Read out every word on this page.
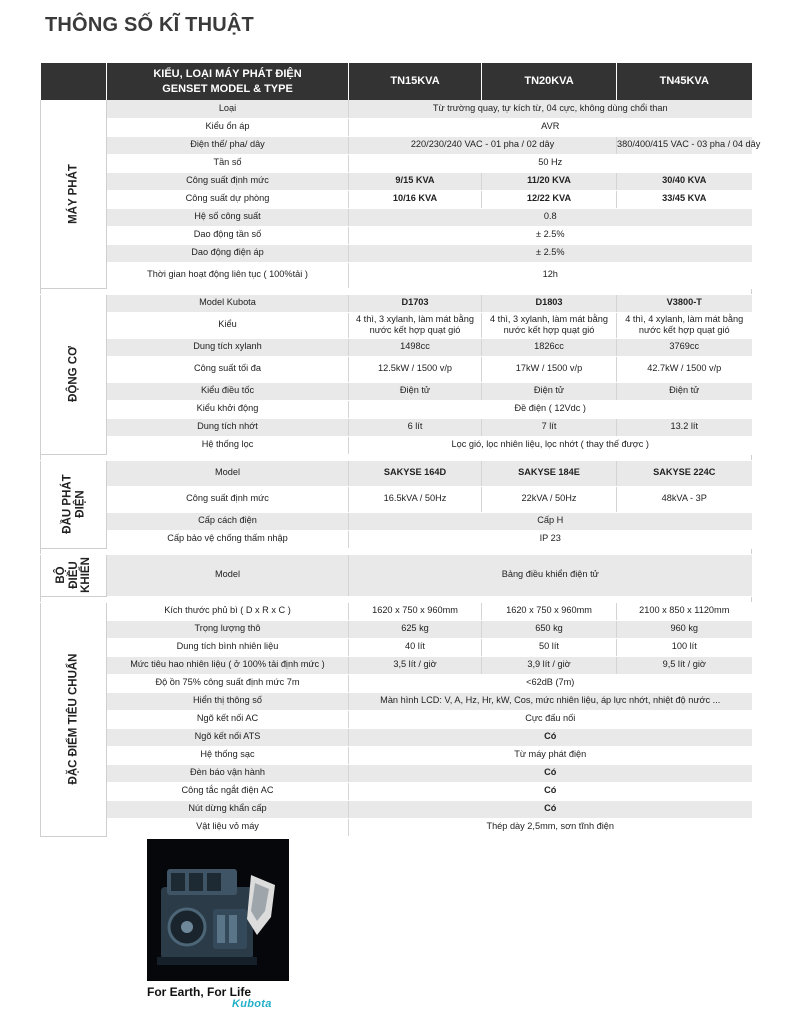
THÔNG SỐ KĨ THUẬT

	KIỂU, LOẠI MÁY PHÁT ĐIỆN
GENSET MODEL & TYPE	TN15KVA	TN20KVA	TN45KVA

MÁY PHÁT	Loại	Từ trường quay, tự kích từ, 04 cực, không dùng chổi than		
	Kiểu ổn áp	AVR		
	Điện thế/ pha/ dây	220/230/240 VAC - 01 pha / 02 dây		380/400/415 VAC - 03 pha / 04 dây
	Tần số	50 Hz		
	Công suất định mức	9/15 KVA	11/20 KVA	30/40 KVA
	Công suất dự phòng	10/16 KVA	12/22 KVA	33/45 KVA
	Hệ số công suất	0.8		
	Dao động tần số	± 2.5%		
	Dao động điện áp	± 2.5%		
	Thời gian hoạt động liên tục ( 100%tải )	12h		

ĐỘNG CƠ	Model Kubota	D1703	D1803	V3800-T
	Kiểu	4 thì, 3 xylanh, làm mát bằng nước kết hợp quạt gió	4 thì, 3 xylanh, làm mát bằng nước kết hợp quạt gió	4 thì, 4 xylanh, làm mát bằng nước kết hợp quạt gió
	Dung tích xylanh	1498cc	1826cc	3769cc
	Công suất tối đa	12.5kW / 1500 v/p	17kW / 1500 v/p	42.7kW / 1500 v/p
	Kiểu điều tốc	Điện tử	Điện tử	Điện tử
	Kiểu khởi động	Đề điện ( 12Vdc )		
	Dung tích nhớt	6 lít	7 lít	13.2 lít
	Hệ thống lọc	Lọc gió, lọc nhiên liệu, lọc nhớt ( thay thế được )		

ĐẦU PHÁT ĐIỆN	Model	SAKYSE 164D	SAKYSE 184E	SAKYSE 224C
	Công suất định mức	16.5kVA / 50Hz	22kVA / 50Hz	48kVA - 3P
	Cấp cách điện	Cấp H		
	Cấp bảo vệ chống thấm nhập	IP 23		

BỘ ĐIỀU KHIỂN	Model	Bảng điều khiển điện tử		

ĐẶC ĐIỂM TIÊU CHUẨN	Kích thước phủ bì ( D x R x C )	1620 x 750 x 960mm	1620 x 750 x 960mm	2100 x 850 x 1120mm
	Trọng lượng thô	625 kg	650 kg	960 kg
	Dung tích bình nhiên liệu	40 lít	50 lít	100 lít
	Mức tiêu hao nhiên liệu ( ở 100% tải định mức )	3,5 lít / giờ	3,9 lít / giờ	9,5 lít / giờ
	Độ ồn 75% công suất định mức 7m	<62dB (7m)		
	Hiển thị thông số	Màn hình LCD: V, A, Hz, Hr, kW, Cos, mức nhiên liệu, áp lực nhớt, nhiệt độ nước ...		
	Ngõ kết nối AC	Cực đấu nối		
	Ngõ kết nối ATS	Có		
	Hệ thống sạc	Từ máy phát điện		
	Đèn báo vận hành	Có		
	Công tắc ngắt điện AC	Có		
	Nút dừng khẩn cấp	Có		
	Vật liệu vỏ máy	Thép dày 2,5mm, sơn tĩnh điện		
For Earth, For Life
Kubota
